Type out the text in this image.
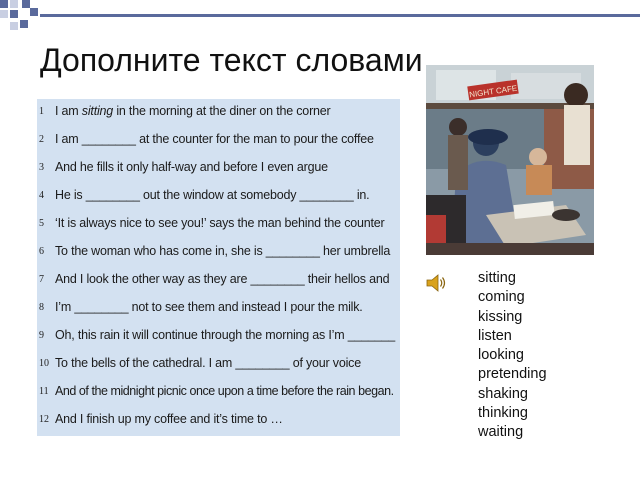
Дополните текст словами
1 I am sitting in the morning at the diner on the corner
2 I am ________ at the counter for the man to pour the coffee
3 And he fills it only half-way and before I even argue
4 He is ________ out the window at somebody ________ in.
5 ‘It is always nice to see you!’ says the man behind the counter
6 To the woman who has come in, she is ________ her umbrella
7 And I look the other way as they are ________ their hellos and
8 I’m ________ not to see them and instead I pour the milk.
9 Oh, this rain it will continue through the morning as I’m _______
10 To the bells of the cathedral. I am ________ of your voice
11 And of the midnight picnic once upon a time before the rain began.
12 And I finish up my coffee and it’s time to …
NIGHT CAFE
sitting
coming
kissing
listen
looking
pretending
shaking
thinking
waiting
